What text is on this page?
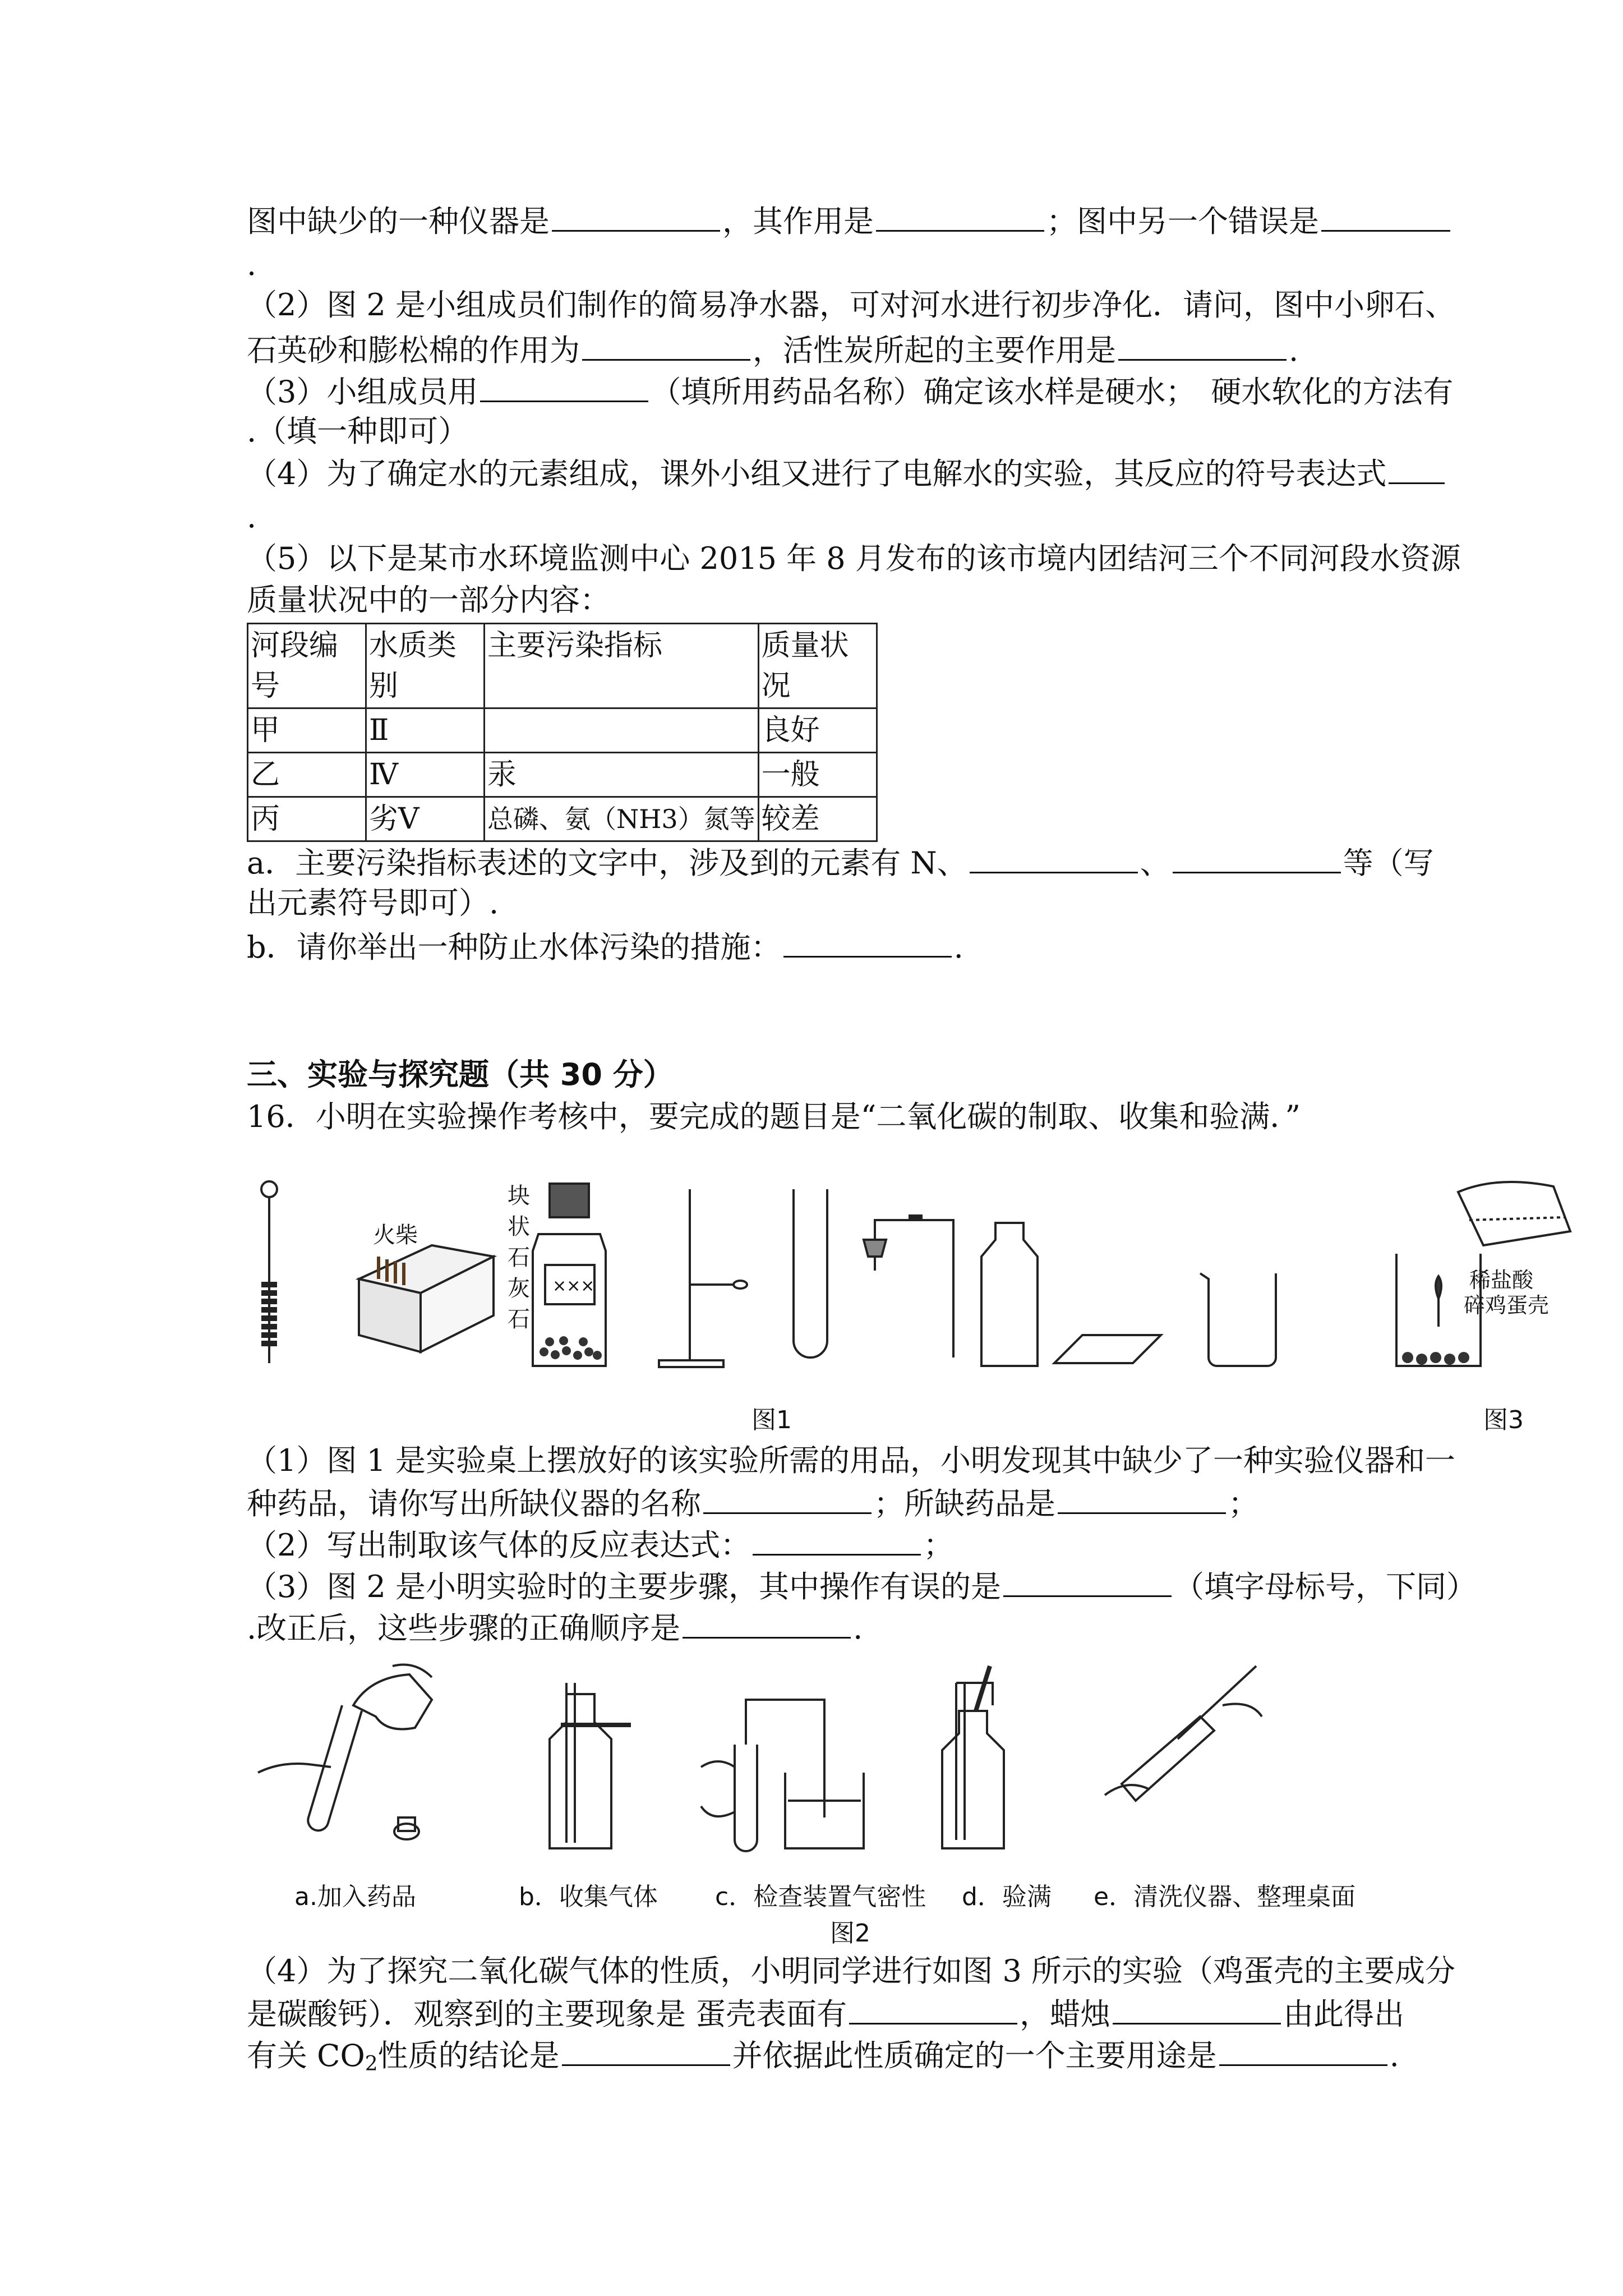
图中缺少的一种仪器是	，其作用是	；图中另一个错误是
.
（2）图 2 是小组成员们制作的简易净水器，可对河水进行初步净化．请问，图中小卵石、
石英砂和膨松棉的作用为	，活性炭所起的主要作用是	.
（3）小组成员用	（填所用药品名称）确定该水样是硬水；　硬水软化的方法有
.（填一种即可）
（4）为了确定水的元素组成，课外小组又进行了电解水的实验，其反应的符号表达式
.
（5）以下是某市水环境监测中心 2015 年 8 月发布的该市境内团结河三个不同河段水资源
质量状况中的一部分内容：
河段编号	水质类别	主要污染指标	质量状况
甲	Ⅱ		良好
乙	Ⅳ	汞	一般
丙	劣Ⅴ	总磷、氨（NH3）氮等	较差
a．主要污染指标表述的文字中，涉及到的元素有 N、	、	等（写
出元素符号即可）.
b．请你举出一种防止水体污染的措施：	.
三、实验与探究题（共 30 分）
16．小明在实验操作考核中，要完成的题目是“二氧化碳的制取、收集和验满．”
火柴
块
状
石
灰
石
×××	稀盐酸
碎鸡蛋壳
图1	图3
（1）图 1 是实验桌上摆放好的该实验所需的用品，小明发现其中缺少了一种实验仪器和一
种药品，请你写出所缺仪器的名称	；所缺药品是	；
（2）写出制取该气体的反应表达式：	；
（3）图 2 是小明实验时的主要步骤，其中操作有误的是	（填字母标号，下同）
.改正后，这些步骤的正确顺序是	.
a.加入药品	b．收集气体 c．检查装置气密性 d．验满 e．清洗仪器、整理桌面
图2
（4）为了探究二氧化碳气体的性质，小明同学进行如图 3 所示的实验（鸡蛋壳的主要成分
是碳酸钙）．观察到的主要现象是 蛋壳表面有	，蜡烛	由此得出
有关 $CO_2$性质的结论是	并依据此性质确定的一个主要用途是	.
